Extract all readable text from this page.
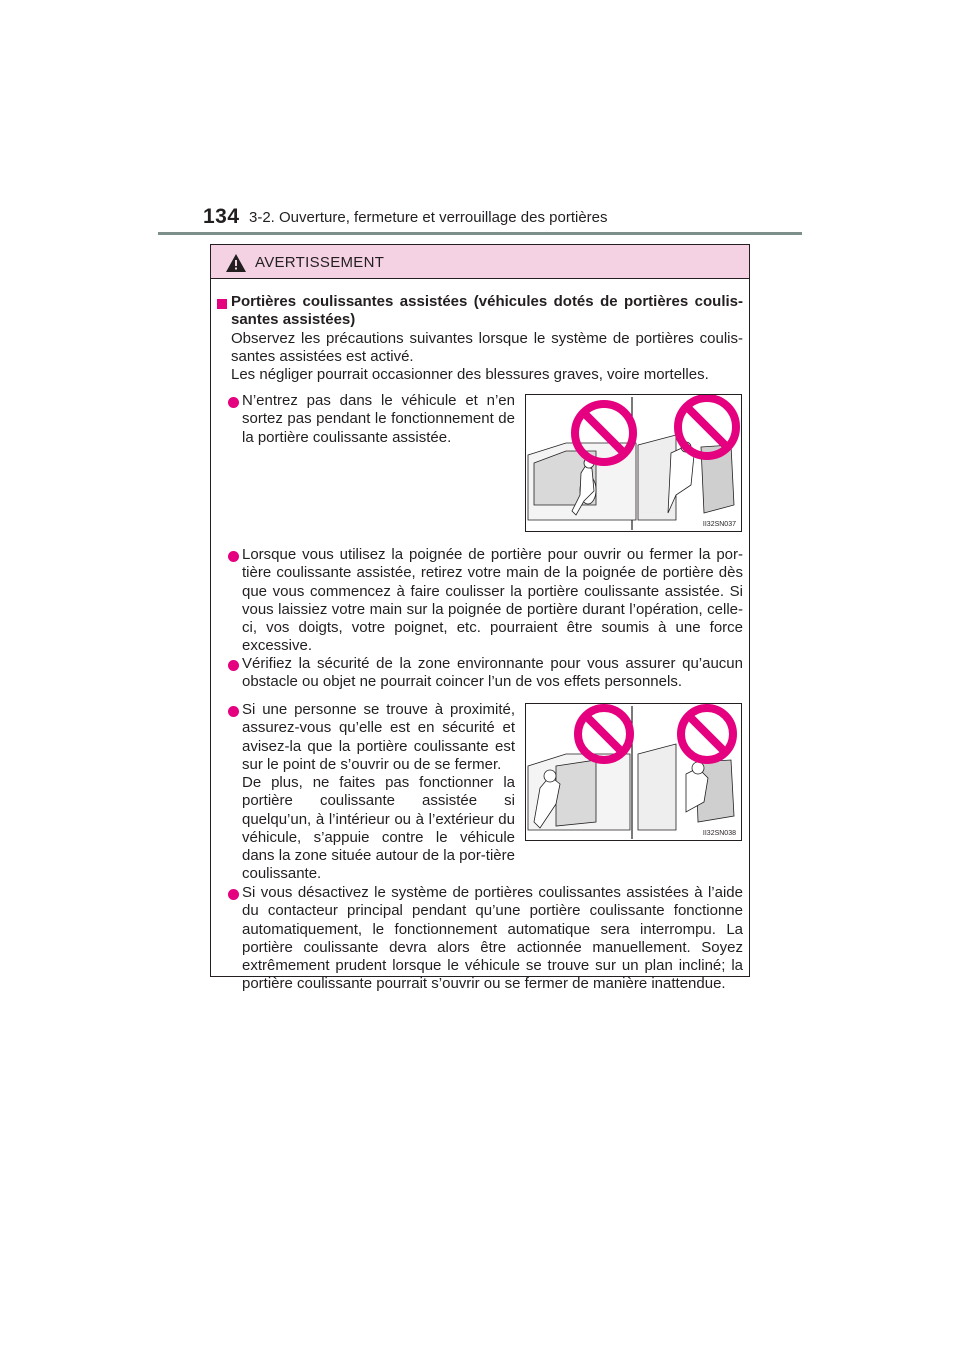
134 3-2. Ouverture, fermeture et verrouillage des portières
AVERTISSEMENT
Portières coulissantes assistées (véhicules dotés de portières coulis-santes assistées)
Observez les précautions suivantes lorsque le système de portières coulis-santes assistées est activé.
Les négliger pourrait occasionner des blessures graves, voire mortelles.
N’entrez pas dans le véhicule et n’en sortez pas pendant le fonctionnement de la portière coulissante assistée.
II32SN037
Lorsque vous utilisez la poignée de portière pour ouvrir ou fermer la por-tière coulissante assistée, retirez votre main de la poignée de portière dès que vous commencez à faire coulisser la portière coulissante assistée. Si vous laissiez votre main sur la poignée de portière durant l’opération, celle-ci, vos doigts, votre poignet, etc. pourraient être soumis à une force excessive.
Vérifiez la sécurité de la zone environnante pour vous assurer qu’aucun obstacle ou objet ne pourrait coincer l’un de vos effets personnels.
Si une personne se trouve à proximité, assurez-vous qu’elle est en sécurité et avisez-la que la portière coulissante est sur le point de s’ouvrir ou de se fermer.
De plus, ne faites pas fonctionner la portière coulissante assistée si quelqu’un, à l’intérieur ou à l’extérieur du véhicule, s’appuie contre le véhicule dans la zone située autour de la por-tière coulissante.
II32SN038
Si vous désactivez le système de portières coulissantes assistées à l’aide du contacteur principal pendant qu’une portière coulissante fonctionne automatiquement, le fonctionnement automatique sera interrompu. La portière coulissante devra alors être actionnée manuellement. Soyez extrêmement prudent lorsque le véhicule se trouve sur un plan incliné; la portière coulissante pourrait s’ouvrir ou se fermer de manière inattendue.
